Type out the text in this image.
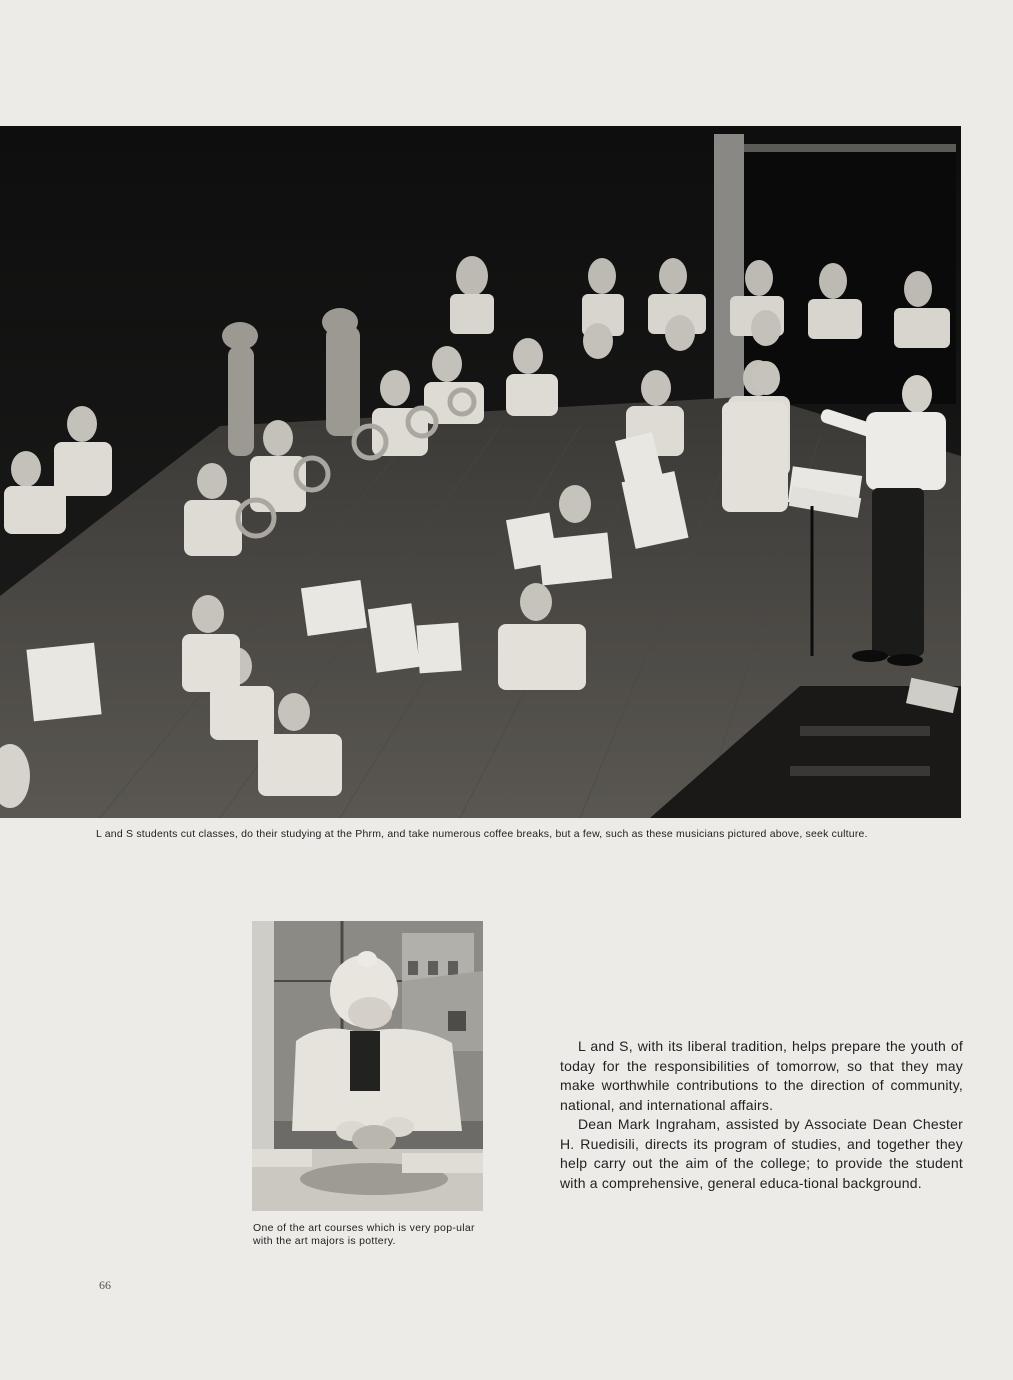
L and S students cut classes, do their studying at the Phrm, and take numerous coffee breaks, but a few, such as these musicians pictured above, seek culture.
One of the art courses which is very pop-ular with the art majors is pottery.

L and S, with its liberal tradition, helps prepare the youth of today for the responsibilities of tomorrow, so that they may make worthwhile contributions to the direction of community, national, and international affairs.

Dean Mark Ingraham, assisted by Associate Dean Chester H. Ruedisili, directs its program of studies, and together they help carry out the aim of the college; to provide the student with a comprehensive, general educa-tional background.

66
